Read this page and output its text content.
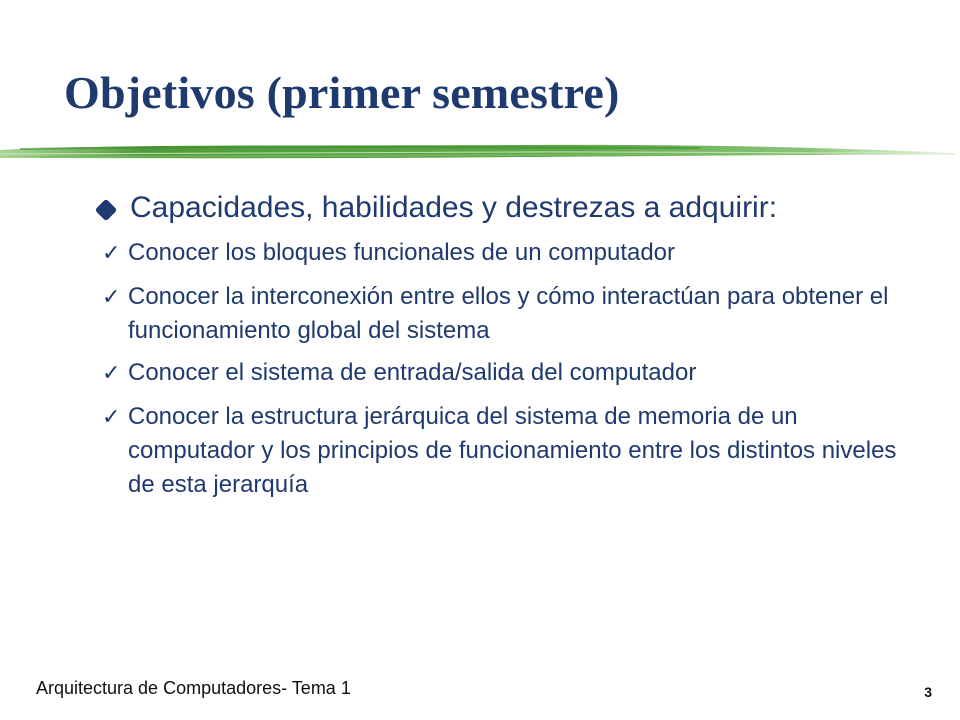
Objetivos (primer semestre)
Capacidades, habilidades y destrezas a adquirir:
✓ Conocer los bloques funcionales de un computador
✓ Conocer la interconexión entre ellos y cómo interactúan para obtener el funcionamiento global del sistema
✓ Conocer el sistema de entrada/salida del computador
✓ Conocer la estructura jerárquica del sistema de memoria de un computador y los principios de funcionamiento entre los distintos niveles de esta jerarquía
Arquitectura de Computadores- Tema 1	3
